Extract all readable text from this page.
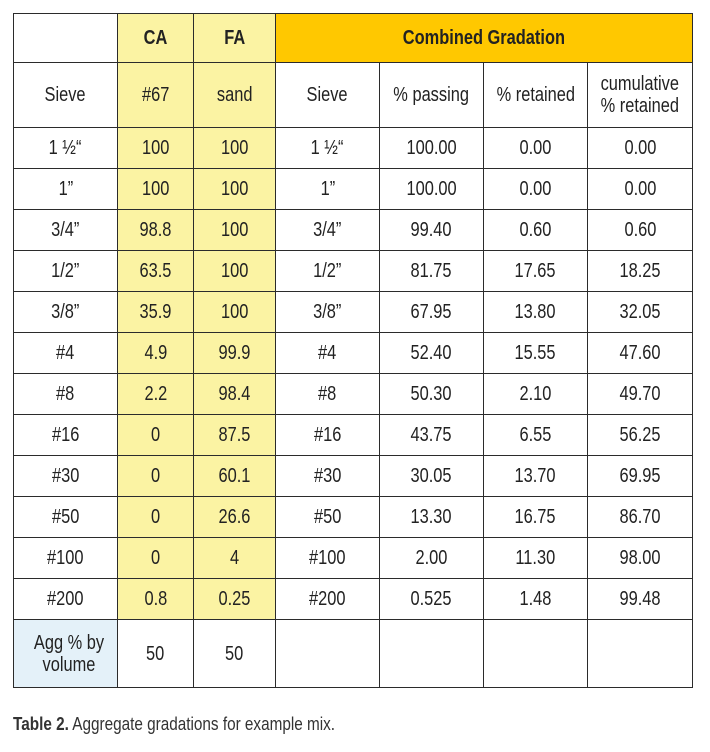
	CA	FA	Combined Gradation			
Sieve	#67	sand	Sieve	% passing	% retained	cumulative
% retained
1 ½“	100	100	1 ½“	100.00	0.00	0.00
1”	100	100	1”	100.00	0.00	0.00
3/4”	98.8	100	3/4”	99.40	0.60	0.60
1/2”	63.5	100	1/2”	81.75	17.65	18.25
3/8”	35.9	100	3/8”	67.95	13.80	32.05
#4	4.9	99.9	#4	52.40	15.55	47.60
#8	2.2	98.4	#8	50.30	2.10	49.70
#16	0	87.5	#16	43.75	6.55	56.25
#30	0	60.1	#30	30.05	13.70	69.95
#50	0	26.6	#50	13.30	16.75	86.70
#100	0	4	#100	2.00	11.30	98.00
#200	0.8	0.25	#200	0.525	1.48	99.48
Agg % by volume	50	50				
Table 2. Aggregate gradations for example mix.
